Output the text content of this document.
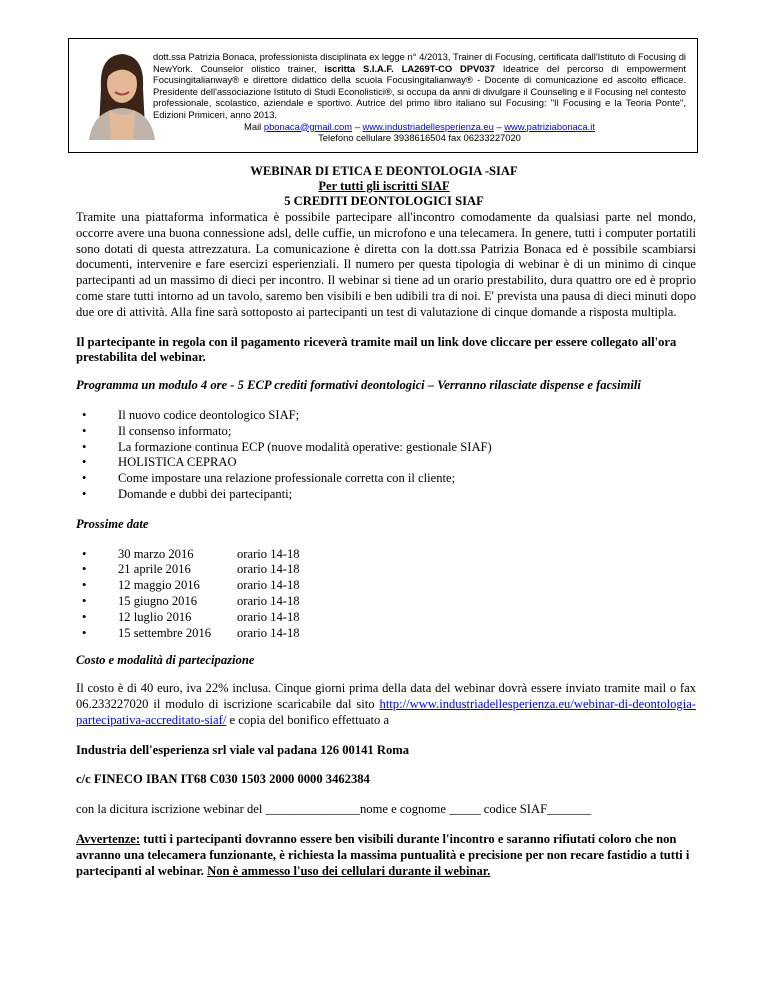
dott.ssa Patrizia Bonaca, professionista disciplinata ex legge n° 4/2013, Trainer di Focusing, certificata dall'Istituto di Focusing di NewYork. Counselor olistico trainer, iscritta S.I.A.F. LA269T-CO DPV037 Ideatrice del percorso di empowerment Focusingitalianway® e direttore didattico della scuola Focusingitalianway® - Docente di comunicazione ed ascolto efficace. Presidente dell'associazione Istituto di Studi Econolistici®, si occupa da anni di divulgare il Counseling e il Focusing nel contesto professionale, scolastico, aziendale e sportivo. Autrice del primo libro italiano sul Focusing: "Il Focusing e la Teoria Ponte", Edizioni Primiceri, anno 2013.
Mail pbonaca@gmail.com – www.industriadellesperienza.eu – www.patriziabonaca.it
Telefono cellulare 3938616504 fax 06233227020
WEBINAR DI ETICA E DEONTOLOGIA -SIAF
Per tutti gli iscritti SIAF
5 CREDITI DEONTOLOGICI SIAF

Tramite una piattaforma informatica è possibile partecipare all'incontro comodamente da qualsiasi parte nel mondo, occorre avere una buona connessione adsl, delle cuffie, un microfono e una telecamera. In genere, tutti i computer portatili sono dotati di questa attrezzatura. La comunicazione è diretta con la dott.ssa Patrizia Bonaca ed è possibile scambiarsi documenti, intervenire e fare esercizi esperienziali. Il numero per questa tipologia di webinar è di un minimo di cinque partecipanti ad un massimo di dieci per incontro. Il webinar si tiene ad un orario prestabilito, dura quattro ore ed è proprio come stare tutti intorno ad un tavolo, saremo ben visibili e ben udibili tra di noi. E' prevista una pausa di dieci minuti dopo due ore di attività. Alla fine sarà sottoposto ai partecipanti un test di valutazione di cinque domande a risposta multipla.

Il partecipante in regola con il pagamento riceverà tramite mail un link dove cliccare per essere collegato all'ora prestabilita del webinar.

Programma un modulo 4 ore - 5 ECP crediti formativi deontologici – Verranno rilasciate dispense e facsimili

•	Il nuovo codice deontologico SIAF;
•	Il consenso informato;
•	La formazione continua ECP (nuove modalità operative: gestionale SIAF)
•	HOLISTICA CEPRAO
•	Come impostare una relazione professionale corretta con il cliente;
•	Domande e dubbi dei partecipanti;

Prossime date

•	30 marzo 2016	orario 14-18
•	21 aprile 2016	orario 14-18
•	12 maggio 2016	orario 14-18
•	15 giugno 2016	orario 14-18
•	12 luglio 2016	orario 14-18
•	15 settembre 2016 orario 14-18

Costo e modalità di partecipazione

Il costo è di 40 euro, iva 22% inclusa. Cinque giorni prima della data del webinar dovrà essere inviato tramite mail o fax 06.233227020 il modulo di iscrizione scaricabile dal sito http://www.industriadellesperienza.eu/webinar-di-deontologia-partecipativa-accreditato-siaf/ e copia del bonifico effettuato a

Industria dell'esperienza srl viale val padana 126 00141 Roma

c/c FINECO IBAN IT68 C030 1503 2000 0000 3462384

con la dicitura iscrizione webinar del _______________nome e cognome _____ codice SIAF_______

Avvertenze: tutti i partecipanti dovranno essere ben visibili durante l'incontro e saranno rifiutati coloro che non avranno una telecamera funzionante, è richiesta la massima puntualità e precisione per non recare fastidio a tutti i partecipanti al webinar. Non è ammesso l'uso dei cellulari durante il webinar.
